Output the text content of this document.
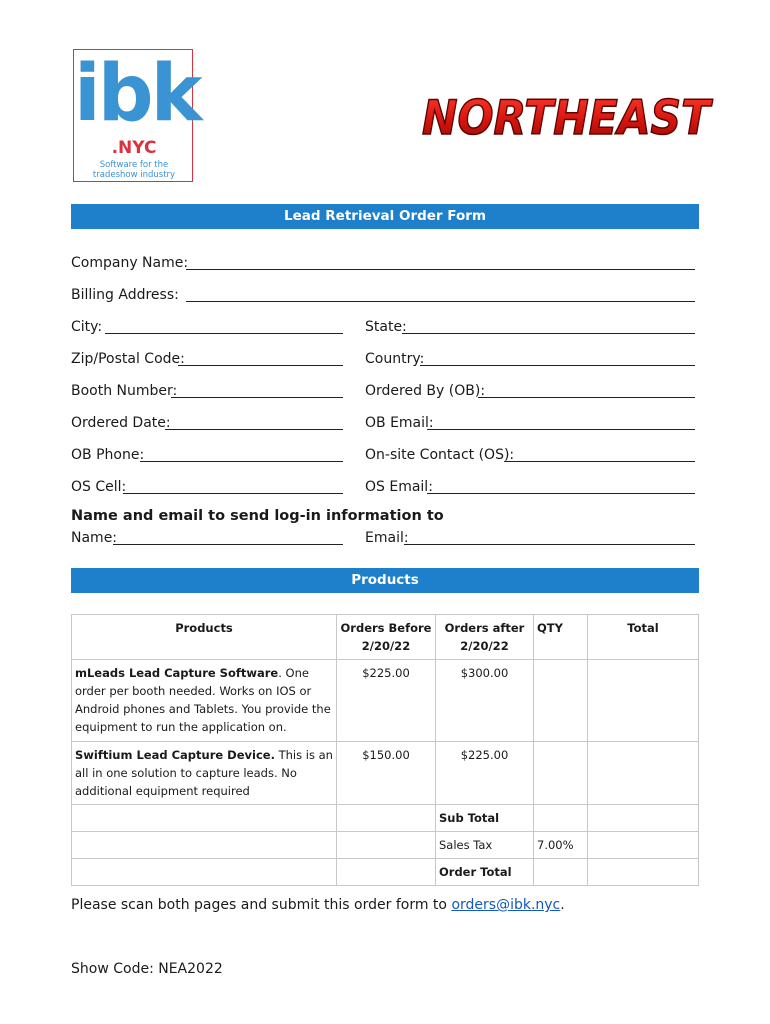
ibk
.NYC
Software for the
tradeshow industry
NORTHEAST
Lead Retrieval Order Form
Company Name:
Billing Address:
City:	State:
Zip/Postal Code:	Country:
Booth Number:	Ordered By (OB):
Ordered Date:	OB Email:
OB Phone:	On-site Contact (OS):
OS Cell:	OS Email:
Name and email to send log-in information to
Name:	Email:
Products
Products	Orders Before 2/20/22	Orders after 2/20/22	QTY	Total
mLeads Lead Capture Software. One order per booth needed. Works on IOS or Android phones and Tablets. You provide the equipment to run the application on.	$225.00	$300.00		
Swiftium Lead Capture Device. This is an all in one solution to capture leads. No additional equipment required	$150.00	$225.00		
		Sub Total		
		Sales Tax	7.00%	
		Order Total		
Please scan both pages and submit this order form to orders@ibk.nyc.
Show Code: NEA2022
